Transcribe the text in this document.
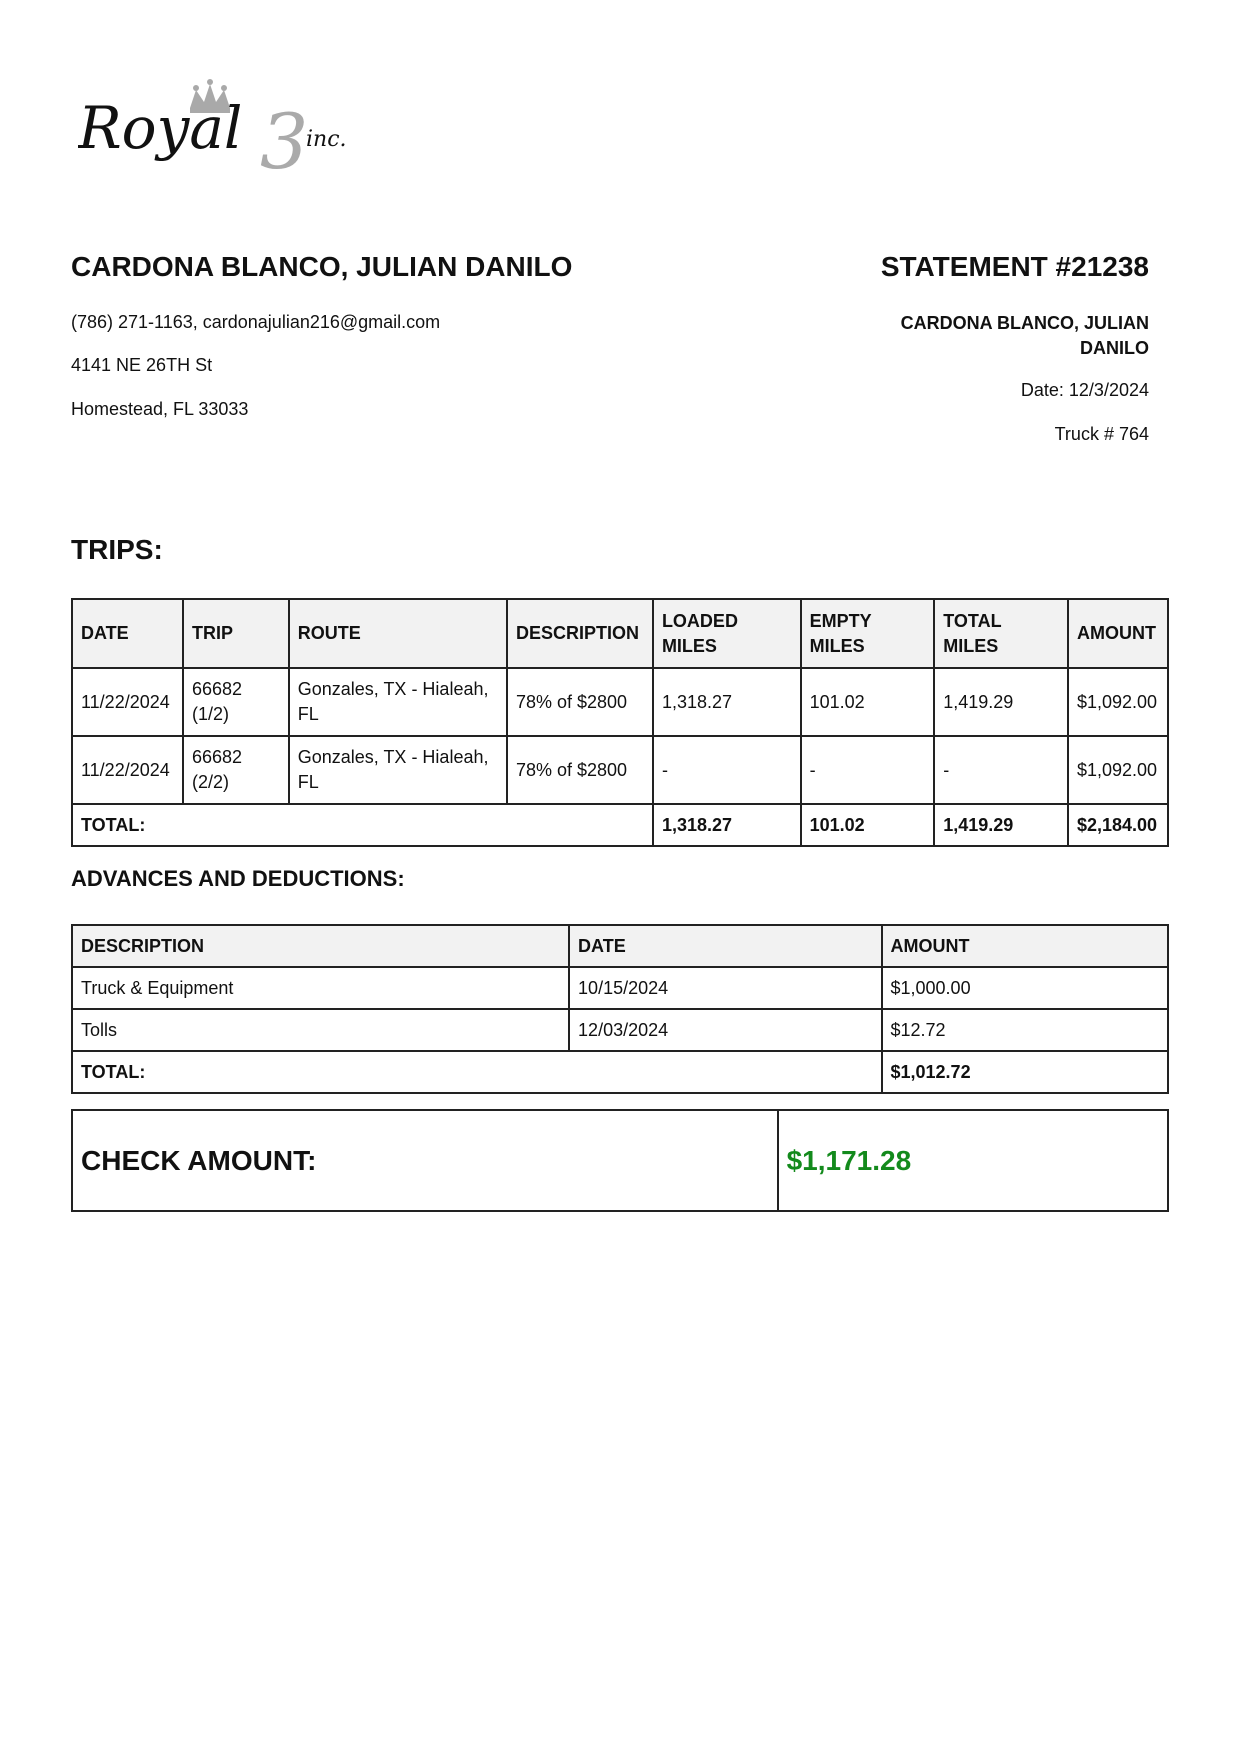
Royal 3
inc.
CARDONA BLANCO, JULIAN DANILO
(786) 271-1163, cardonajulian216@gmail.com
4141 NE 26TH St
Homestead, FL 33033
STATEMENT #21238
CARDONA BLANCO, JULIAN DANILO
Date: 12/3/2024
Truck # 764
TRIPS:
DATE	TRIP	ROUTE	DESCRIPTION	LOADED MILES	EMPTY MILES	TOTAL MILES	AMOUNT
11/22/2024	66682 (1/2)	Gonzales, TX - Hialeah, FL	78% of $2800	1,318.27	101.02	1,419.29	$1,092.00
11/22/2024	66682 (2/2)	Gonzales, TX - Hialeah, FL	78% of $2800	-	-	-	$1,092.00
TOTAL:				1,318.27	101.02	1,419.29	$2,184.00
ADVANCES AND DEDUCTIONS:
DESCRIPTION	DATE	AMOUNT
Truck & Equipment	10/15/2024	$1,000.00
Tolls	12/03/2024	$12.72
TOTAL:		$1,012.72
CHECK AMOUNT:	$1,171.28
